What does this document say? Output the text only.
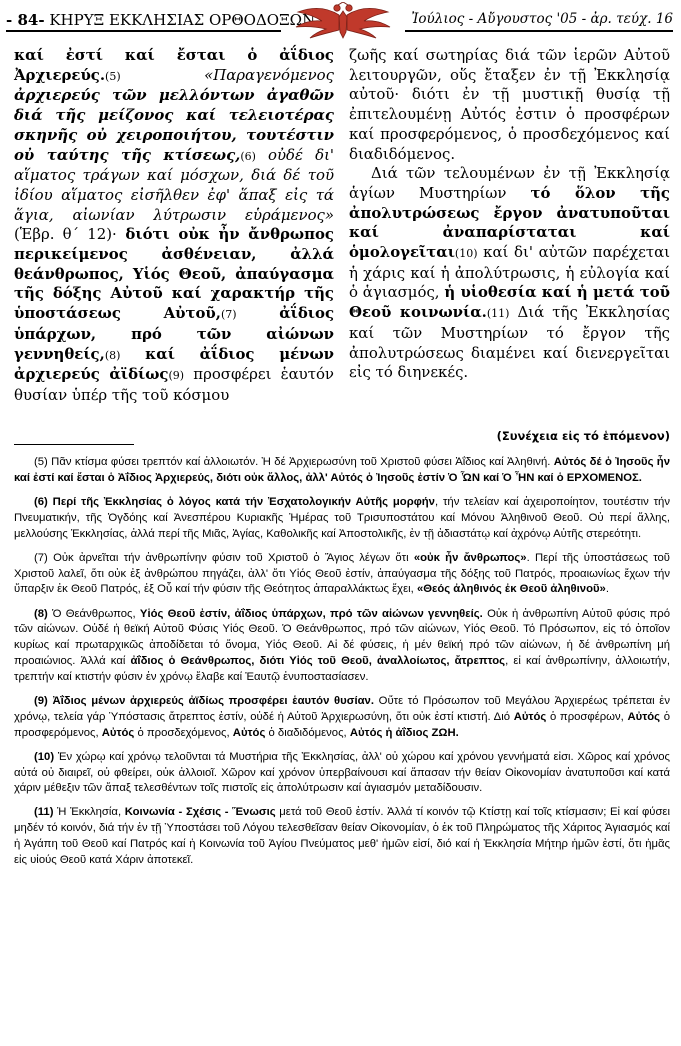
- 84- ΚΗΡΥΞ ΕΚΚΛΗΣΙΑΣ ΟΡΘΟΔΟΞΩΝ	Ἰούλιος - Αὔγουστος '05 - ἀρ. τεύχ. 16

καί ἐστί καί ἔσται ὁ ἀΐδιος Ἀρχιερεύς.(5) «Παραγενόμενος ἀρχιερεύς τῶν μελλόντων ἀγαθῶν διά τῆς μείζονος καί τελειοτέρας σκηνῆς οὐ χειροποιήτου, τουτέστιν οὐ ταύτης τῆς κτίσεως,(6) οὐδέ δι' αἵματος τράγων καί μόσχων, διά δέ τοῦ ἰδίου αἵματος εἰσῆλθεν ἐφ' ἅπαξ εἰς τά ἅγια, αἰωνίαν λύτρωσιν εὑράμενος» (Ἑβρ. θ΄ 12)· διότι οὐκ ἦν ἄνθρωπος περικείμενος ἀσθένειαν, ἀλλά θεάνθρωπος, Υἱός Θεοῦ, ἀπαύγασμα τῆς δόξης Αὐτοῦ καί χαρακτήρ τῆς ὑποστάσεως Αὐτοῦ,(7) ἀΐδιος ὑπάρχων, πρό τῶν αἰώνων γεννηθείς,(8) καί ἀΐδιος μένων ἀρχιερεύς ἀϊδίως(9) προσφέρει ἑαυτόν θυσίαν ὑπέρ τῆς τοῦ κόσμου

ζωῆς καί σωτηρίας διά τῶν ἱερῶν Αὐτοῦ λειτουργῶν, οὕς ἔταξεν ἐν τῇ Ἐκκλησίᾳ αὐτοῦ· διότι ἐν τῇ μυστικῇ θυσίᾳ τῇ ἐπιτελουμένῃ Αὐτός ἐστιν ὁ προσφέρων καί προσφερόμενος, ὁ προσδεχόμενος καί διαδιδόμενος.

Διά τῶν τελουμένων ἐν τῇ Ἐκκλησίᾳ ἁγίων Μυστηρίων τό ὅλον τῆς ἀπολυτρώσεως ἔργον ἀνατυποῦται καί ἀναπαρίσταται καί ὁμολογεῖται(10) καί δι' αὐτῶν παρέχεται ἡ χάρις καί ἡ ἀπολύτρωσις, ἡ εὐλογία καί ὁ ἁγιασμός, ἡ υἱοθεσία καί ἡ μετά τοῦ Θεοῦ κοινωνία.(11) Διά τῆς Ἐκκλησίας καί τῶν Μυστηρίων τό ἔργον τῆς ἀπολυτρώσεως διαμένει καί διενεργεῖται εἰς τό διηνεκές.

(Συνέχεια εἰς τό ἑπόμενον)

(5) Πᾶν κτίσμα φύσει τρεπτόν καί ἀλλοιωτόν. Ἡ δέ Ἀρχιερωσύνη τοῦ Χριστοῦ φύσει Ἀΐδιος καί Ἀληθινή. Αὐτός δέ ὁ Ἰησοῦς ἦν καί ἐστί καί ἔσται ὁ Ἀΐδιος Ἀρχιερεύς, διότι οὐκ ἄλλος, ἀλλ' Αὐτός ὁ Ἰησοῦς ἐστίν Ὁ ὯΝ καί Ὁ ἮΝ καί ὁ ΕΡΧΟΜΕΝΟΣ.

(6) Περί τῆς Ἐκκλησίας ὁ λόγος κατά τήν Ἐσχατολογικήν Αὐτῆς μορφήν, τήν τελείαν καί ἀχειροποίητον, τουτέστιν τήν Πνευματικήν, τῆς Ὀγδόης καί Ἀνεσπέρου Κυριακῆς Ἡμέρας τοῦ Τρισυποστάτου καί Μόνου Ἀληθινοῦ Θεοῦ. Οὐ περί ἄλλης, μελλούσης Ἐκκλησίας, ἀλλά περί τῆς Μιᾶς, Ἁγίας, Καθολικῆς καί Ἀποστολικῆς, ἐν τῇ ἀδιαστάτῳ καί ἀχρόνῳ Αὐτῆς στερεότητι.

(7) Οὐκ ἀρνεῖται τήν ἀνθρωπίνην φύσιν τοῦ Χριστοῦ ὁ Ἅγιος λέγων ὅτι «οὐκ ἦν ἄνθρωπος». Περί τῆς ὑποστάσεως τοῦ Χριστοῦ λαλεῖ, ὅτι οὐκ ἐξ ἀνθρώπου πηγάζει, ἀλλ' ὅτι Υἱός Θεοῦ ἐστίν, ἀπαύγασμα τῆς δόξης τοῦ Πατρός, προαιωνίως ἔχων τήν ὕπαρξιν ἐκ Θεοῦ Πατρός, ἐξ Οὗ καί τήν φύσιν τῆς Θεότητος ἀπαραλλάκτως ἔχει, «Θεός ἀληθινός ἐκ Θεοῦ ἀληθινοῦ».

(8) Ὁ Θεάνθρωπος, Υἱός Θεοῦ ἐστίν, ἀΐδιος ὑπάρχων, πρό τῶν αἰώνων γεννηθείς. Οὐκ ἡ ἀνθρωπίνη Αὐτοῦ φύσις πρό τῶν αἰώνων. Οὐδέ ἡ θεϊκή Αὐτοῦ Φύσις Υἱός Θεοῦ. Ὁ Θεάνθρωπος, πρό τῶν αἰώνων, Υἱός Θεοῦ. Τό Πρόσωπον, εἰς τό ὁποῖον κυρίως καί πρωταρχικῶς ἀποδίδεται τό ὄνομα, Υἱός Θεοῦ. Αἱ δέ φύσεις, ἡ μέν θεϊκή πρό τῶν αἰώνων, ἡ δέ ἀνθρωπίνη μή προαιώνιος. Ἀλλά καί ἀΐδιος ὁ Θεάνθρωπος, διότι Υἱός τοῦ Θεοῦ, ἀναλλοίωτος, ἄτρεπτος, εἰ καί ἀνθρωπίνην, ἀλλοιωτήν, τρεπτήν καί κτιστήν φύσιν ἐν χρόνῳ ἔλαβε καί Ἑαυτῷ ἐνυποστασίασεν.

(9) Ἀΐδιος μένων ἀρχιερεύς ἀϊδίως προσφέρει ἑαυτόν θυσίαν. Οὔτε τό Πρόσωπον τοῦ Μεγάλου Ἀρχιερέως τρέπεται ἐν χρόνῳ, τελεία γάρ Ὑπόστασις ἄτρεπτος ἐστίν, οὐδέ ἡ Αὐτοῦ Ἀρχιερωσύνη, ὅτι οὐκ ἐστί κτιστή. Διό Αὐτός ὁ προσφέρων, Αὐτός ὁ προσφερόμενος, Αὐτός ὁ προσδεχόμενος, Αὐτός ὁ διαδιδόμενος, Αὐτός ἡ ἀΐδιος ΖΩΗ.

(10) Ἐν χώρῳ καί χρόνῳ τελοῦνται τά Μυστήρια τῆς Ἐκκλησίας, ἀλλ' οὐ χώρου καί χρόνου γεννήματά εἰσι. Χῶρος καί χρόνος αὐτά οὐ διαιρεῖ, οὐ φθείρει, οὐκ ἀλλοιοῖ. Χῶρον καί χρόνον ὑπερβαίνουσι καί ἅπασαν τήν θείαν Οἰκονομίαν ἀνατυποῦσι καί κατά χάριν μέθεξιν τῶν ἅπαξ τελεσθέντων τοῖς πιστοῖς εἰς ἀπολύτρωσιν καί ἁγιασμόν μεταδίδουσιν.

(11) Ἡ Ἐκκλησία, Κοινωνία - Σχέσις - Ἕνωσις μετά τοῦ Θεοῦ ἐστίν. Ἀλλά τί κοινόν τῷ Κτίστῃ καί τοῖς κτίσμασιν; Εἰ καί φύσει μηδέν τό κοινόν, διά τήν ἐν τῇ Ὑποστάσει τοῦ Λόγου τελεσθεῖσαν θείαν Οἰκονομίαν, ὁ ἐκ τοῦ Πληρώματος τῆς Χάριτος Ἁγιασμός καί ἡ Ἀγάπη τοῦ Θεοῦ καί Πατρός καί ἡ Κοινωνία τοῦ Ἁγίου Πνεύματος μεθ' ἡμῶν εἰσί, διό καί ἡ Ἐκκλησία Μήτηρ ἡμῶν ἐστί, ὅτι ἡμᾶς εἰς υἱούς Θεοῦ κατά Χάριν ἀποτεκεῖ.
